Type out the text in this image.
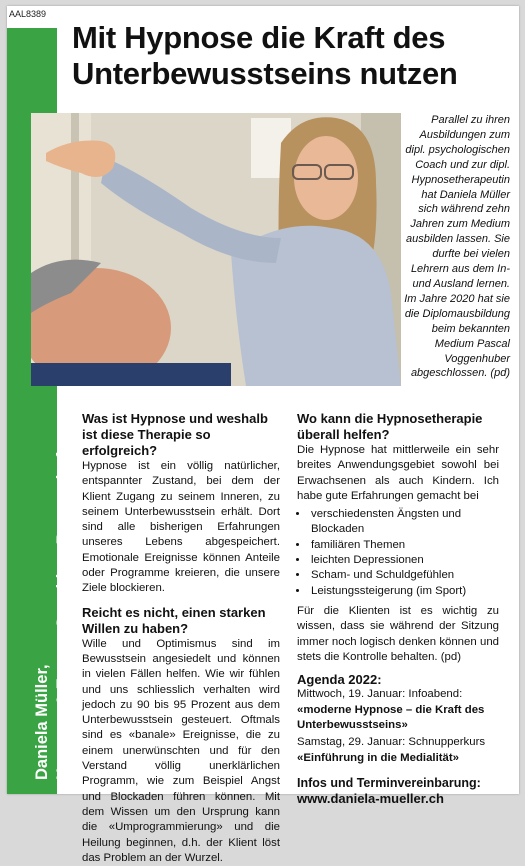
AAL8389
Daniela Müller, Hypnose & Energy Coaching, Regensdorf
Mit Hypnose die Kraft des Unterbewusstseins nutzen
Parallel zu ihren Ausbildungen zum dipl. psychologischen Coach und zur dipl. Hypnosetherapeutin hat Daniela Müller sich während zehn Jahren zum Medium ausbilden lassen. Sie durfte bei vielen Lehrern aus dem In- und Ausland lernen. Im Jahre 2020 hat sie die Diplomausbildung beim bekannten Medium Pascal Voggenhuber abgeschlossen. (pd)
Was ist Hypnose und weshalb ist diese Therapie so erfolgreich?

Hypnose ist ein völlig natürlicher, entspannter Zustand, bei dem der Klient Zugang zu seinem Inneren, zu seinem Unterbewusstsein erhält. Dort sind alle bisherigen Erfahrungen unseres Lebens abgespeichert. Emotionale Ereignisse können Anteile oder Programme kreieren, die unsere Ziele blockieren.

Reicht es nicht, einen starken Willen zu haben?

Wille und Optimismus sind im Bewusstsein angesiedelt und können in vielen Fällen helfen. Wie wir fühlen und uns schliesslich verhalten wird jedoch zu 90 bis 95 Prozent aus dem Unterbewusstsein gesteuert. Oftmals sind es «banale» Ereignisse, die zu einem unerwünschten und für den Verstand völlig unerklärlichen Programm, wie zum Beispiel Angst und Blockaden führen können. Mit dem Wissen um den Ursprung kann die «Umprogrammierung» und die Heilung beginnen, d.h. der Klient löst das Problem an der Wurzel.

Wo kann die Hypnosetherapie überall helfen?

Die Hypnose hat mittlerweile ein sehr breites Anwendungsgebiet sowohl bei Erwachsenen als auch Kindern. Ich habe gute Erfahrungen gemacht bei

• verschiedensten Ängsten und Blockaden
• familiären Themen
• leichten Depressionen
• Scham- und Schuldgefühlen
• Leistungssteigerung (im Sport)

Für die Klienten ist es wichtig zu wissen, dass sie während der Sitzung immer noch logisch denken können und stets die Kontrolle behalten. (pd)

Agenda 2022:
Mittwoch, 19. Januar: Infoabend:
«moderne Hypnose – die Kraft des Unterbewusstseins»
Samstag, 29. Januar: Schnupperkurs
«Einführung in die Medialität»
Infos und Terminvereinbarung:
www.daniela-mueller.ch
